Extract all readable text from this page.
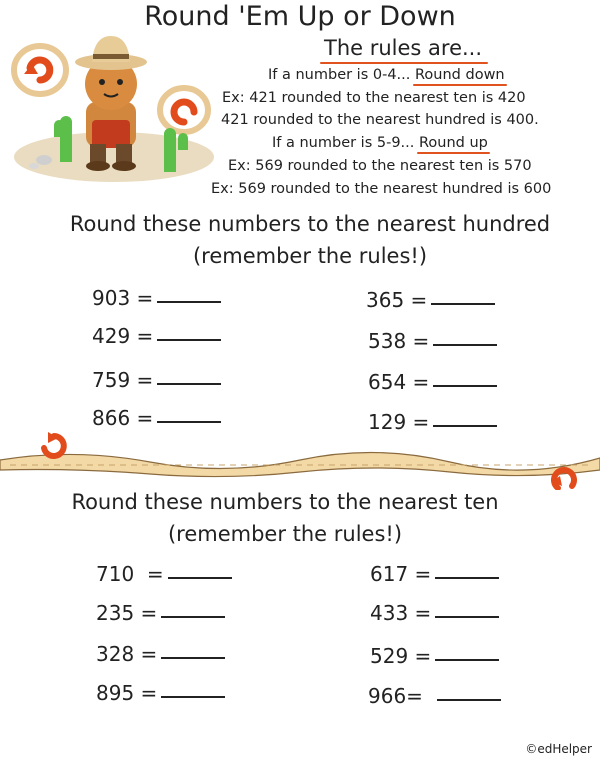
Round 'Em Up or Down
The rules are...
If a number is 0-4... Round down
Ex: 421 rounded to the nearest ten is 420
421 rounded to the nearest hundred is 400.
If a number is 5-9... Round up
Ex: 569 rounded to the nearest ten is 570
Ex: 569 rounded to the nearest hundred is 600
Round these numbers to the nearest hundred
(remember the rules!)
903 =
429 =
759 =
866 =
365 =
538 =
654 =
129 =
Round these numbers to the nearest ten
(remember the rules!)
710  =
235 =
328 =
895 =
617 =
433 =
529 =
966=
©edHelper
